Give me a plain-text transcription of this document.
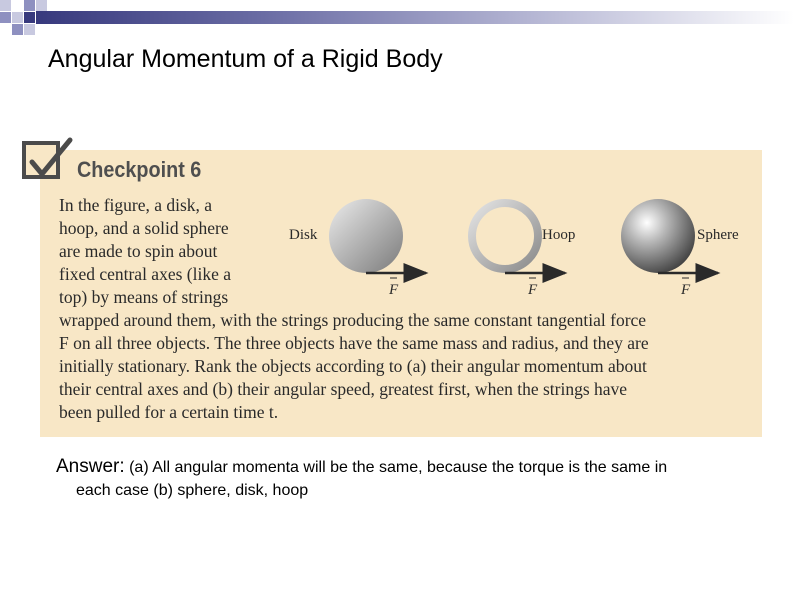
Angular Momentum of a Rigid Body
Checkpoint 6
In the figure, a disk, a
hoop, and a solid sphere
are made to spin about
fixed central axes (like a
top) by means of strings
wrapped around them, with the strings producing the same constant tangential force
F on all three objects. The three objects have the same mass and radius, and they are
initially stationary. Rank the objects according to (a) their angular momentum about
their central axes and (b) their angular speed, greatest first, when the strings have
been pulled for a certain time t.
Disk	Hoop	Sphere
F	F	F
Answer: (a) All angular momenta will be the same, because the torque is the same in
each case (b) sphere, disk, hoop
